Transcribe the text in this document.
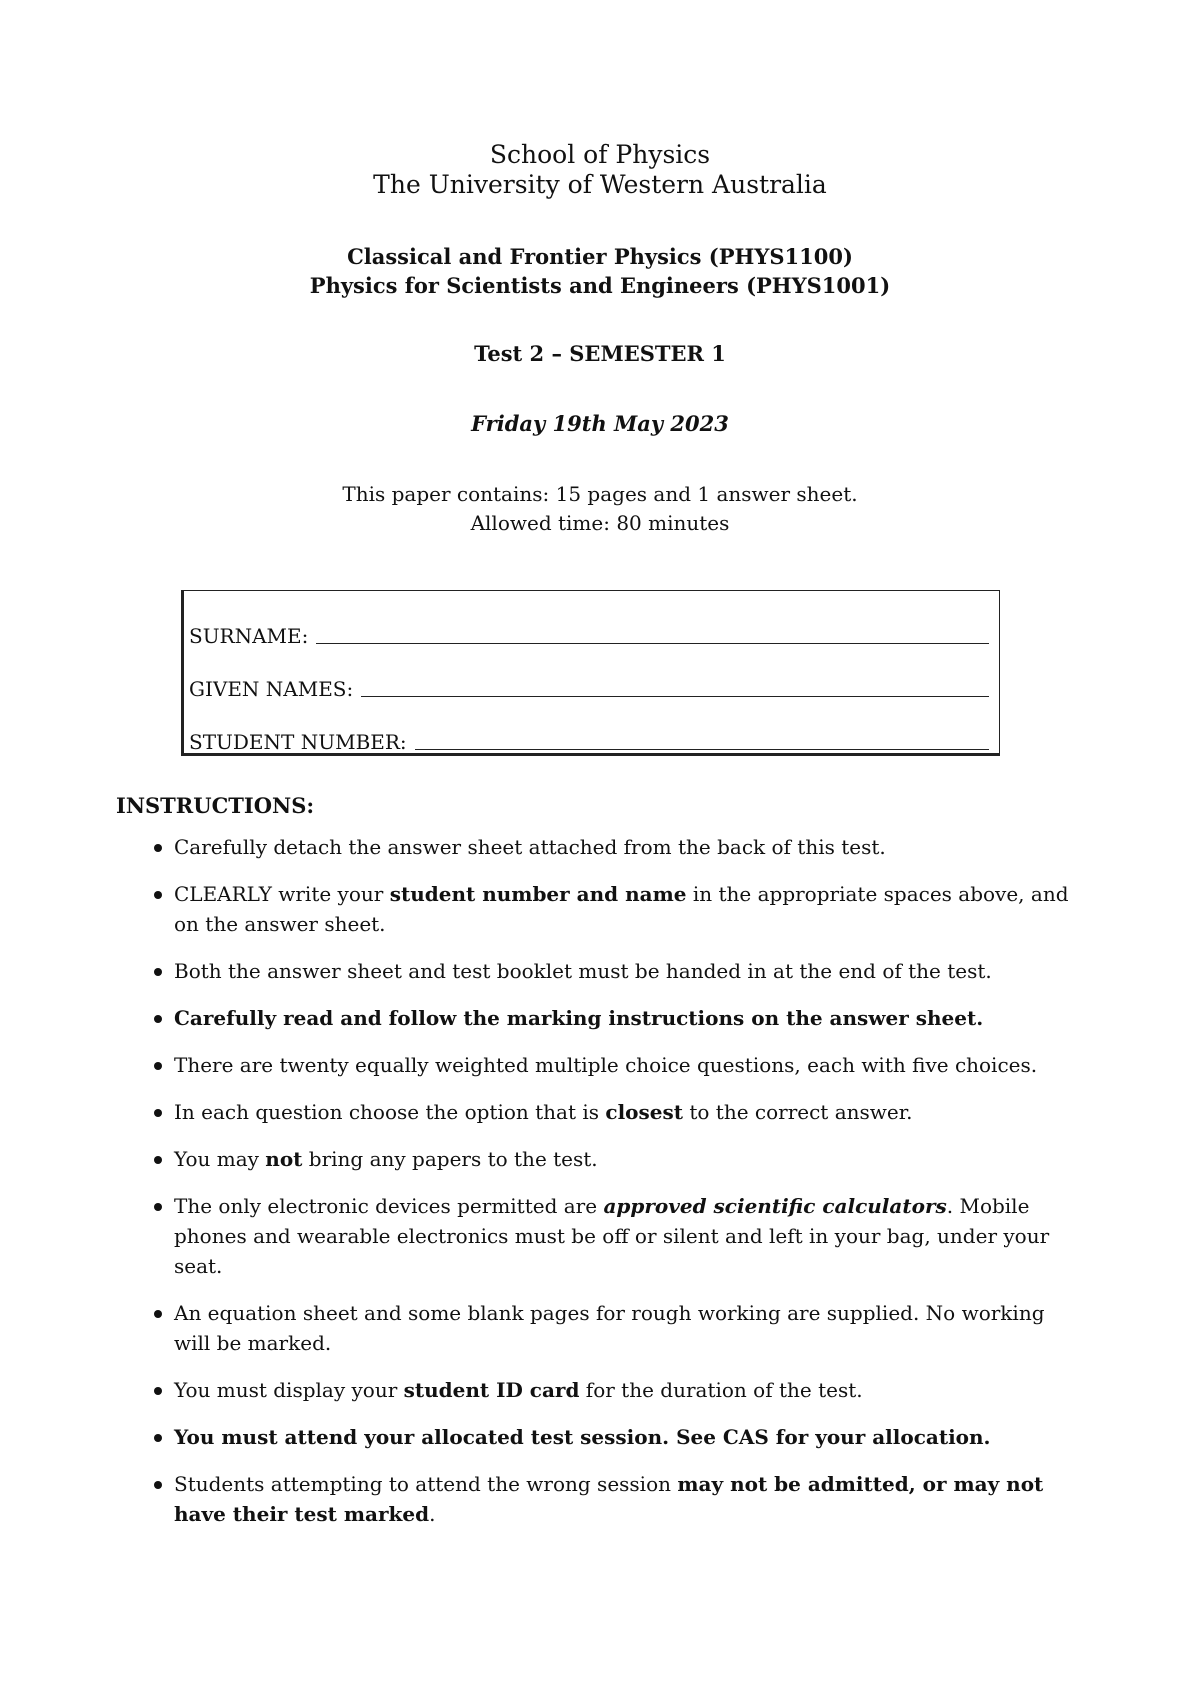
School of Physics
The University of Western Australia
Classical and Frontier Physics (PHYS1100)
Physics for Scientists and Engineers (PHYS1001)
Test 2 – SEMESTER 1
Friday 19th May 2023
This paper contains: 15 pages and 1 answer sheet.
Allowed time: 80 minutes
SURNAME:
GIVEN NAMES:
STUDENT NUMBER:
INSTRUCTIONS:
Carefully detach the answer sheet attached from the back of this test.
CLEARLY write your student number and name in the appropriate spaces above, and on the answer sheet.
Both the answer sheet and test booklet must be handed in at the end of the test.
Carefully read and follow the marking instructions on the answer sheet.
There are twenty equally weighted multiple choice questions, each with five choices.
In each question choose the option that is closest to the correct answer.
You may not bring any papers to the test.
The only electronic devices permitted are approved scientific calculators. Mobile phones and wearable electronics must be off or silent and left in your bag, under your seat.
An equation sheet and some blank pages for rough working are supplied. No working will be marked.
You must display your student ID card for the duration of the test.
You must attend your allocated test session. See CAS for your allocation.
Students attempting to attend the wrong session may not be admitted, or may not have their test marked.
